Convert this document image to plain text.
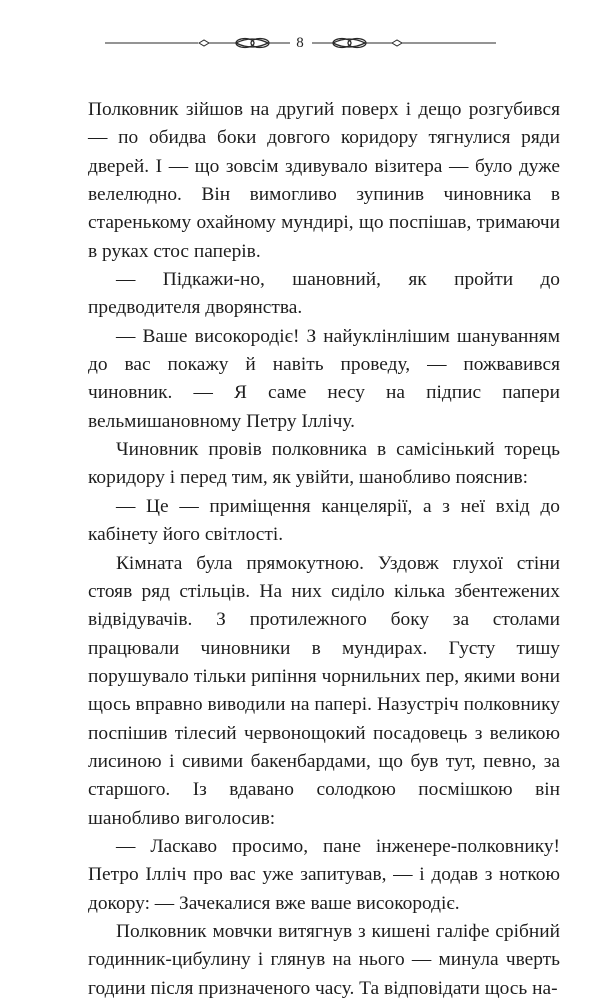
8

Полковник зійшов на другий поверх і дещо розгубився — по обидва боки довгого коридору тягнулися ряди дверей. І — що зовсім здивувало візитера — було дуже велелюдно. Він вимогливо зупинив чиновника в старенькому охайному мундирі, що поспішав, тримаючи в руках стос паперів.

— Підкажи-но, шановний, як пройти до предводителя дворянства.

— Ваше високородіє! З найуклінлішим шануванням до вас покажу й навіть проведу, — пожвавився чиновник. — Я саме несу на підпис папери вельмишановному Петру Іллічу.

Чиновник провів полковника в самісінький торець коридору і перед тим, як увійти, шанобливо пояснив:

— Це — приміщення канцелярії, а з неї вхід до кабінету його світлості.

Кімната була прямокутною. Уздовж глухої стіни стояв ряд стільців. На них сиділо кілька збентежених відвідувачів. З протилежного боку за столами працювали чиновники в мундирах. Густу тишу порушувало тільки рипіння чорнильних пер, якими вони щось вправно виводили на папері. Назустріч полковнику поспішив тілесий червонощокий посадовець з великою лисиною і сивими бакенбардами, що був тут, певно, за старшого. Із вдавано солодкою посмішкою він шанобливо вигoлосив:

— Ласкаво просимо, пане інженере-полковнику! Петро Ілліч про вас уже запитував, — і додав з ноткою докору: — Зачекалися вже ваше високородіє.

Полковник мовчки витягнув з кишені галіфе срібний годинник-цибулину і глянув на нього — минула чверть години після призначеного часу. Та відповідати щось на-
